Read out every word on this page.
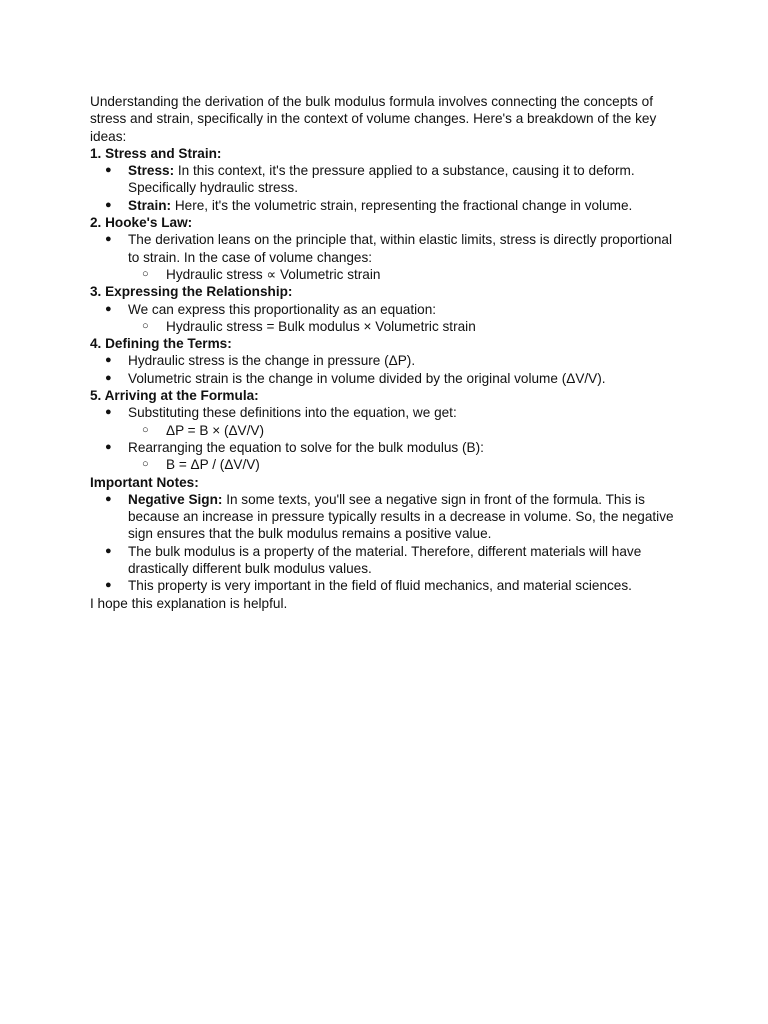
Understanding the derivation of the bulk modulus formula involves connecting the concepts of stress and strain, specifically in the context of volume changes. Here's a breakdown of the key ideas:

1. Stress and Strain:

● Stress: In this context, it's the pressure applied to a substance, causing it to deform. Specifically hydraulic stress.
● Strain: Here, it's the volumetric strain, representing the fractional change in volume.

2. Hooke's Law:

● The derivation leans on the principle that, within elastic limits, stress is directly proportional to strain. In the case of volume changes:
○ Hydraulic stress ∝ Volumetric strain

3. Expressing the Relationship:

● We can express this proportionality as an equation:
○ Hydraulic stress = Bulk modulus × Volumetric strain

4. Defining the Terms:

● Hydraulic stress is the change in pressure (ΔP).
● Volumetric strain is the change in volume divided by the original volume (ΔV/V).

5. Arriving at the Formula:

● Substituting these definitions into the equation, we get:
○ ΔP = B × (ΔV/V)
● Rearranging the equation to solve for the bulk modulus (B):
○ B = ΔP / (ΔV/V)

Important Notes:

● Negative Sign: In some texts, you'll see a negative sign in front of the formula. This is because an increase in pressure typically results in a decrease in volume. So, the negative sign ensures that the bulk modulus remains a positive value.
● The bulk modulus is a property of the material. Therefore, different materials will have drastically different bulk modulus values.
● This property is very important in the field of fluid mechanics, and material sciences.

I hope this explanation is helpful.
